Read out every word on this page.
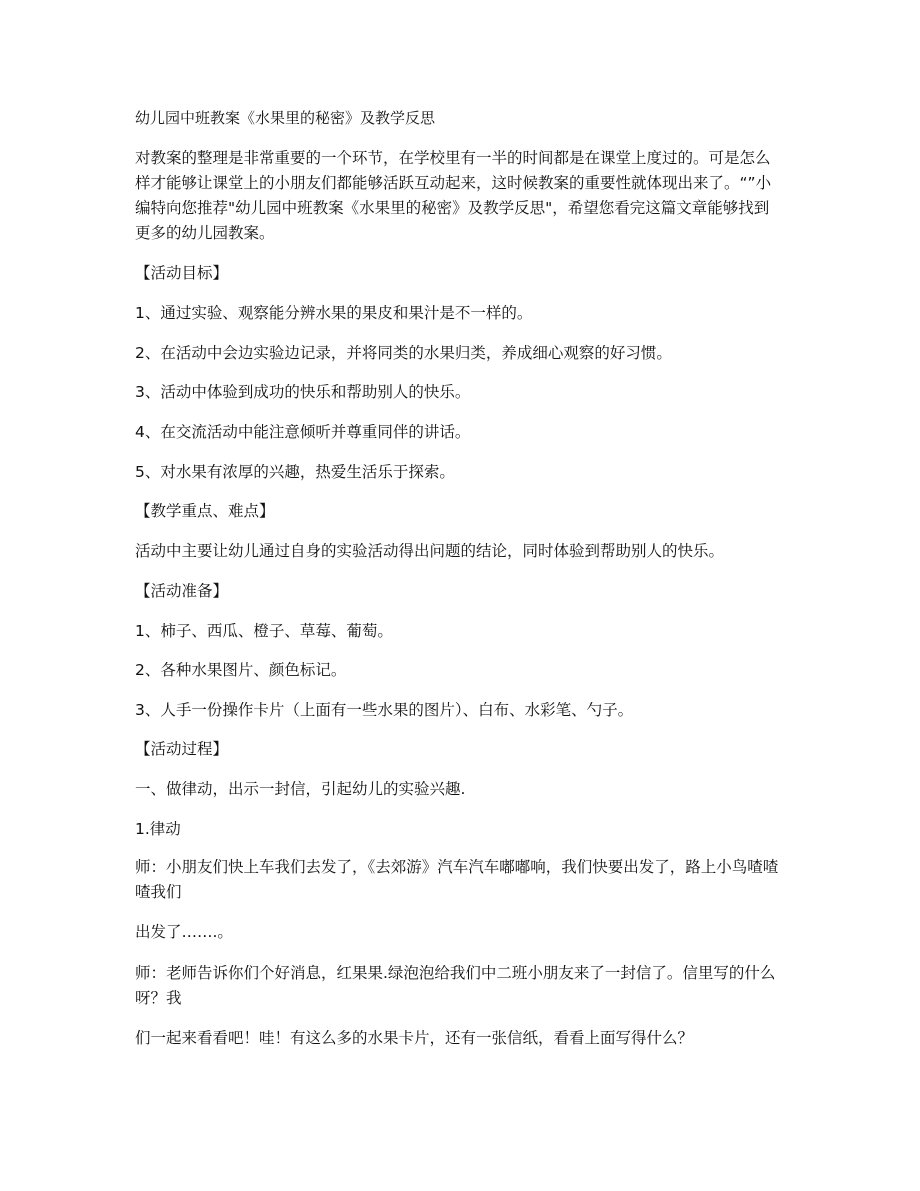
幼儿园中班教案《水果里的秘密》及教学反思
对教案的整理是非常重要的一个环节，在学校里有一半的时间都是在课堂上度过的。可是怎么样才能够让课堂上的小朋友们都能够活跃互动起来，这时候教案的重要性就体现出来了。“”小编特向您推荐"幼儿园中班教案《水果里的秘密》及教学反思"，希望您看完这篇文章能够找到更多的幼儿园教案。
【活动目标】
1、通过实验、观察能分辨水果的果皮和果汁是不一样的。
2、在活动中会边实验边记录，并将同类的水果归类，养成细心观察的好习惯。
3、活动中体验到成功的快乐和帮助别人的快乐。
4、在交流活动中能注意倾听并尊重同伴的讲话。
5、对水果有浓厚的兴趣，热爱生活乐于探索。
【教学重点、难点】
活动中主要让幼儿通过自身的实验活动得出问题的结论，同时体验到帮助别人的快乐。
【活动准备】
1、柿子、西瓜、橙子、草莓、葡萄。
2、各种水果图片、颜色标记。
3、人手一份操作卡片（上面有一些水果的图片）、白布、水彩笔、勺子。
【活动过程】
一、做律动，出示一封信，引起幼儿的实验兴趣.
1.律动
师：小朋友们快上车我们去发了，《去郊游》汽车汽车嘟嘟响，我们快要出发了，路上小鸟喳喳喳我们
出发了…….。
师：老师告诉你们个好消息，红果果.绿泡泡给我们中二班小朋友来了一封信了。信里写的什么呀？我
们一起来看看吧！哇！有这么多的水果卡片，还有一张信纸，看看上面写得什么？
